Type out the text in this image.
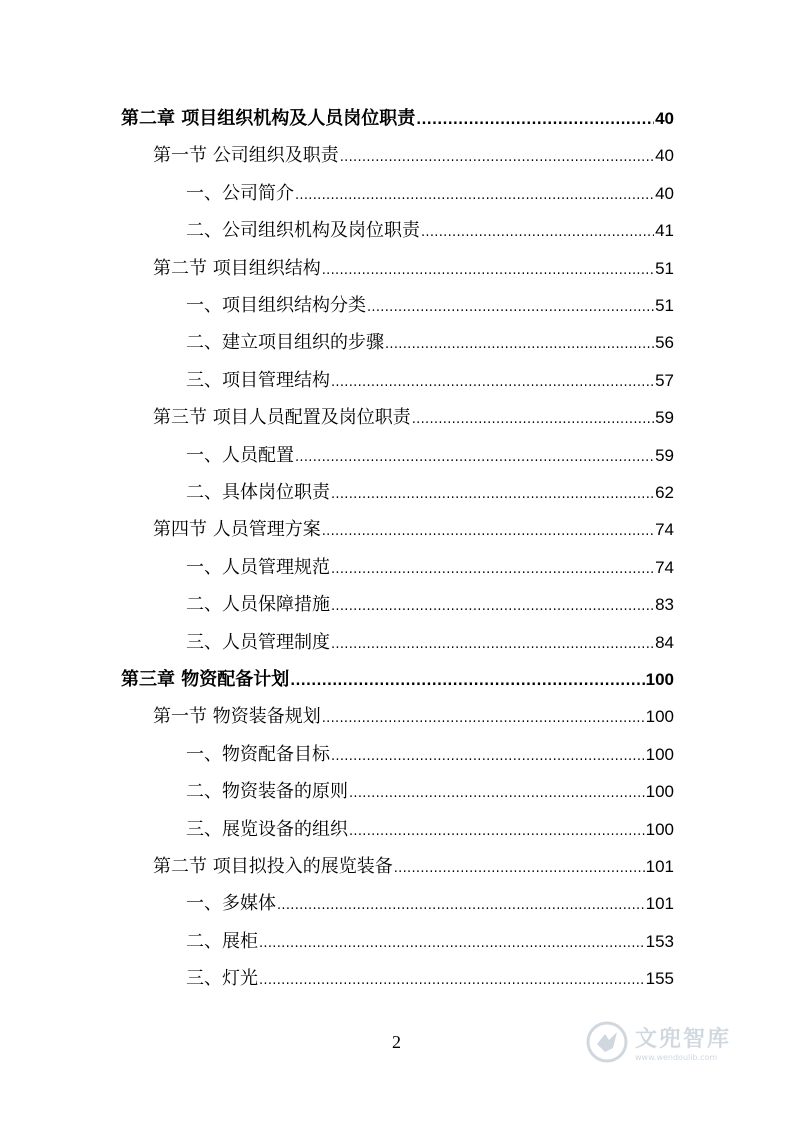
第二章 项目组织机构及人员岗位职责 .....	40
第一节 公司组织及职责 .....	40
一、公司简介 .....	40
二、公司组织机构及岗位职责 .....	41
第二节 项目组织结构 .....	51
一、项目组织结构分类 .....	51
二、建立项目组织的步骤 .....	56
三、项目管理结构 .....	57
第三节 项目人员配置及岗位职责 .....	59
一、人员配置 .....	59
二、具体岗位职责 .....	62
第四节 人员管理方案 .....	74
一、人员管理规范 .....	74
二、人员保障措施 .....	83
三、人员管理制度 .....	84
第三章 物资配备计划 .....	100
第一节 物资装备规划 .....	100
一、物资配备目标 .....	100
二、物资装备的原则 .....	100
三、展览设备的组织 .....	100
第二节 项目拟投入的展览装备 .....	101
一、多媒体 .....	101
二、展柜 .....	153
三、灯光 .....	155
2	文兜智库
www.wendoulib.com
